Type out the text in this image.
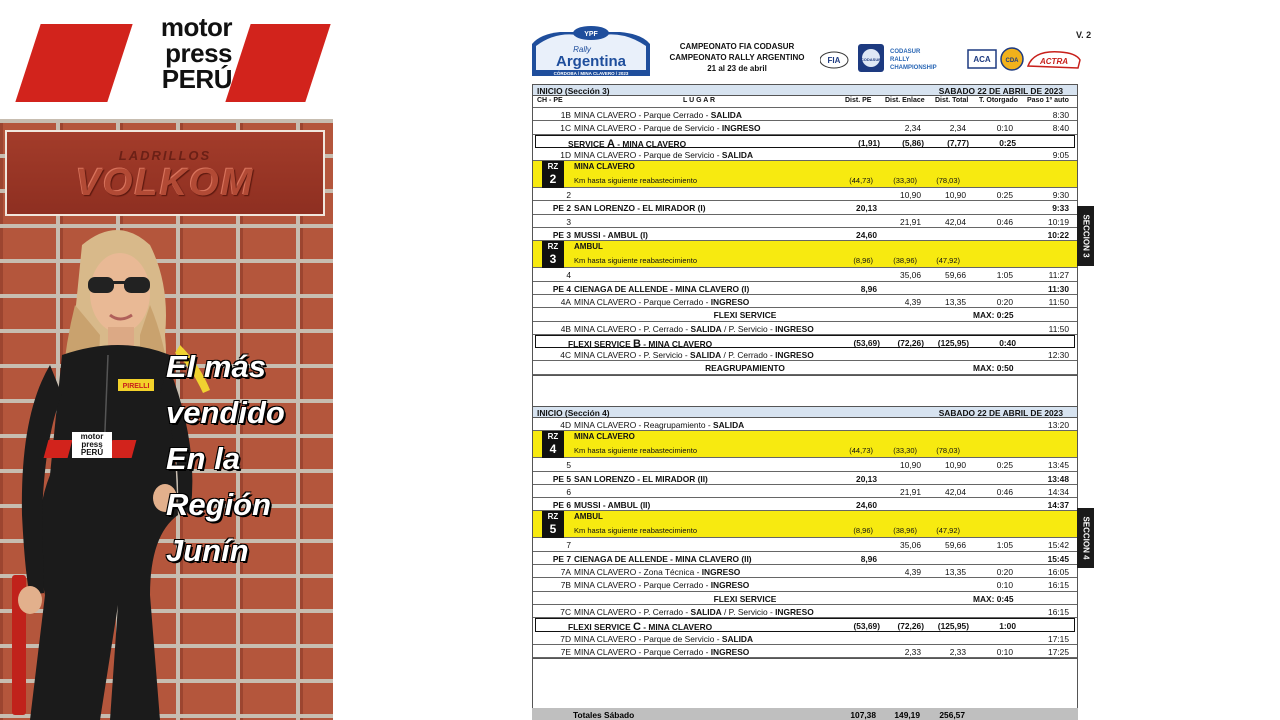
motor
press
PERÚ
LADRILLOS
VOLKOM
PIRELLI
motor
press
PERÚ
El más
vendido
En la
Región
Junín
V. 2
YPF
Rally
Argentina
CÓRDOBA / MINA CLAVERO / 2023
CAMPEONATO FIA CODASUR
CAMPEONATO RALLY ARGENTINO
21 al 23 de abril
FIA	CODASUR
CODASUR
RALLY
CHAMPIONSHIP
ACA CDA	ACTRA
INICIO (Sección 3)	SABADO 22 DE ABRIL DE 2023
CH - PE	L U G A R	Dist. PE Dist. Enlace Dist. Total T. Otorgado Paso 1º auto
1B MINA CLAVERO - Parque Cerrado - SALIDA	8:30
1C MINA CLAVERO - Parque de Servicio - INGRESO	2,34	2,34	0:10	8:40
SERVICE A - MINA CLAVERO	(1,91)	(5,86)	(7,77)	0:25
1D MINA CLAVERO - Parque de Servicio - SALIDA	9:05
RZ
2
MINA CLAVERO
Km hasta siguiente reabastecimiento	(44,73)	(33,30)	(78,03)
2	10,90	10,90	0:25	9:30
PE 2 SAN LORENZO - EL MIRADOR (I)	20,13	9:33
3	21,91	42,04	0:46	10:19
PE 3 MUSSI - AMBUL (I)	24,60	10:22
RZ
3
AMBUL
Km hasta siguiente reabastecimiento	(8,96)	(38,96)	(47,92)
4	35,06	59,66	1:05	11:27
PE 4 CIENAGA DE ALLENDE - MINA CLAVERO (I)	8,96	11:30
4A MINA CLAVERO - Parque Cerrado - INGRESO	4,39	13,35	0:20	11:50
FLEXI SERVICE	MAX: 0:25
4B MINA CLAVERO - P. Cerrado - SALIDA / P. Servicio - INGRESO	11:50
FLEXI SERVICE B - MINA CLAVERO	(53,69)	(72,26)	(125,95)	0:40
4C MINA CLAVERO - P. Servicio - SALIDA / P. Cerrado - INGRESO	12:30
REAGRUPAMIENTO	MAX: 0:50
SECCION 3
INICIO (Sección 4)	SABADO 22 DE ABRIL DE 2023
4D MINA CLAVERO - Reagrupamiento - SALIDA	13:20
RZ
4
MINA CLAVERO
Km hasta siguiente reabastecimiento	(44,73)	(33,30)	(78,03)
5	10,90	10,90	0:25	13:45
PE 5 SAN LORENZO - EL MIRADOR (II)	20,13	13:48
6	21,91	42,04	0:46	14:34
PE 6 MUSSI - AMBUL (II)	24,60	14:37
RZ
5
AMBUL
Km hasta siguiente reabastecimiento	(8,96)	(38,96)	(47,92)
7	35,06	59,66	1:05	15:42
PE 7 CIENAGA DE ALLENDE - MINA CLAVERO (II)	8,96	15:45
7A MINA CLAVERO - Zona Técnica - INGRESO	4,39	13,35	0:20	16:05
7B MINA CLAVERO - Parque Cerrado - INGRESO	0:10	16:15
FLEXI SERVICE	MAX: 0:45
7C MINA CLAVERO - P. Cerrado - SALIDA / P. Servicio - INGRESO	16:15
FLEXI SERVICE C - MINA CLAVERO	(53,69)	(72,26)	(125,95)	1:00
7D MINA CLAVERO - Parque de Servicio - SALIDA	17:15
7E MINA CLAVERO - Parque Cerrado - INGRESO	2,33	2,33	0:10	17:25
SECCION 4
Totales Sábado	107,38	149,19	256,57
